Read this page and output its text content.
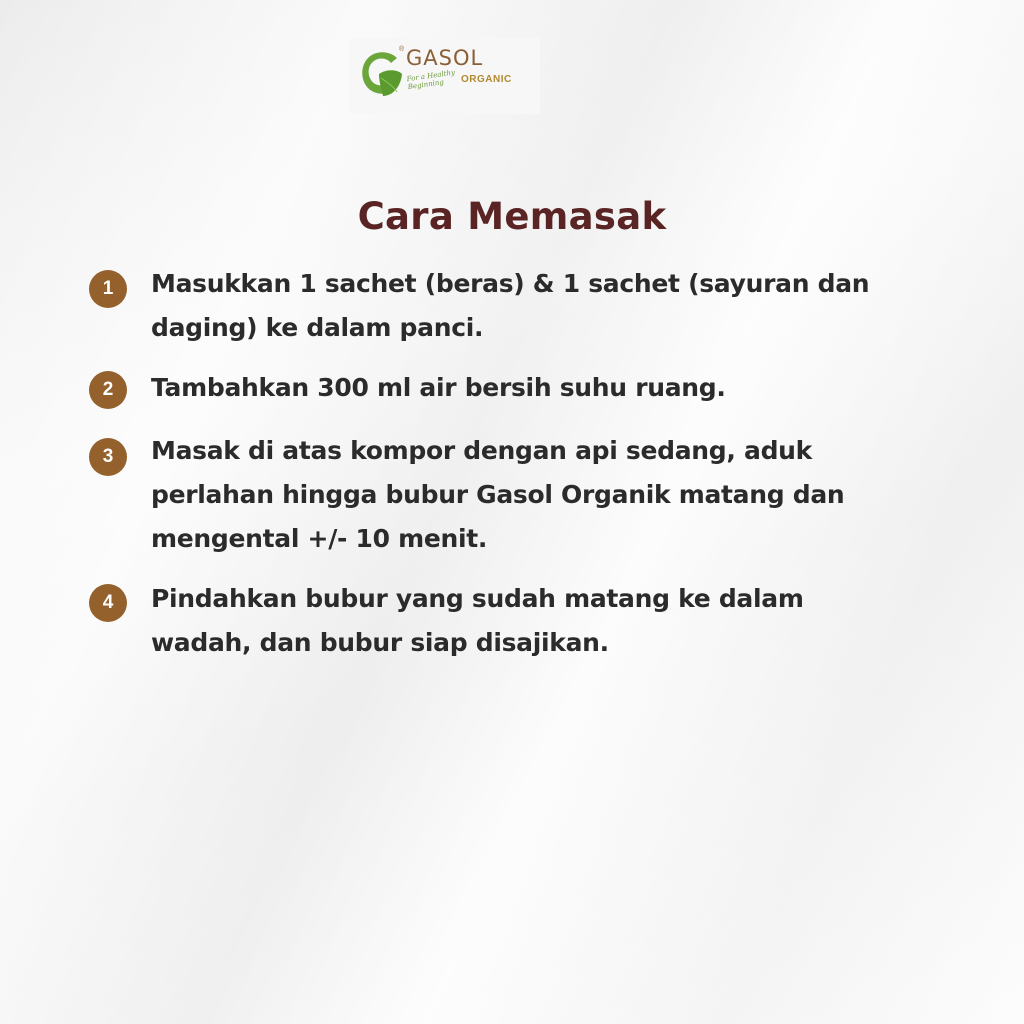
® GASOL
For a Healthy Beginning	ORGANIC
Cara Memasak
1	Masukkan 1 sachet (beras) & 1 sachet (sayuran dan
daging) ke dalam panci.
2	Tambahkan 300 ml air bersih suhu ruang.
3	Masak di atas kompor dengan api sedang, aduk
perlahan hingga bubur Gasol Organik matang dan
mengental +/- 10 menit.
4	Pindahkan bubur yang sudah matang ke dalam
wadah, dan bubur siap disajikan.
